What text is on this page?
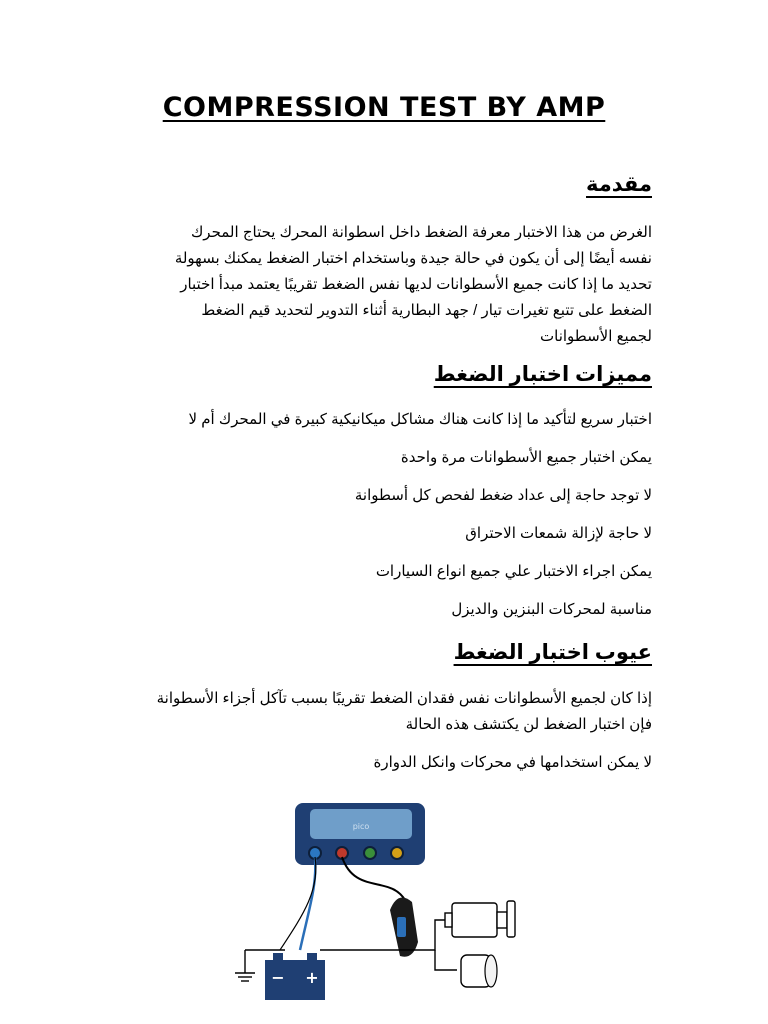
COMPRESSION TEST BY AMP
مقدمة
الغرض من هذا الاختبار معرفة الضغط داخل اسطوانة المحرك يحتاج المحرك
نفسه أيضًا إلى أن يكون في حالة جيدة وباستخدام اختبار الضغط يمكنك بسهولة
تحديد ما إذا كانت جميع الأسطوانات لديها نفس الضغط تقريبًا يعتمد مبدأ اختبار
الضغط على تتبع تغيرات تيار / جهد البطارية أثناء التدوير لتحديد قيم الضغط
لجميع الأسطوانات
مميزات اختبار الضغط

اختبار سريع لتأكيد ما إذا كانت هناك مشاكل ميكانيكية كبيرة في المحرك أم لا

يمكن اختبار جميع الأسطوانات مرة واحدة

لا توجد حاجة إلى عداد ضغط لفحص كل أسطوانة

لا حاجة لإزالة شمعات الاحتراق

يمكن اجراء الاختبار علي جميع انواع السيارات

مناسبة لمحركات البنزين والديزل

عيوب اختبار الضغط

إذا كان لجميع الأسطوانات نفس فقدان الضغط تقريبًا بسبب تآكل أجزاء الأسطوانة

فإن اختبار الضغط لن يكتشف هذه الحالة

لا يمكن استخدامها في محركات وانكل الدوارة

pico
− +
